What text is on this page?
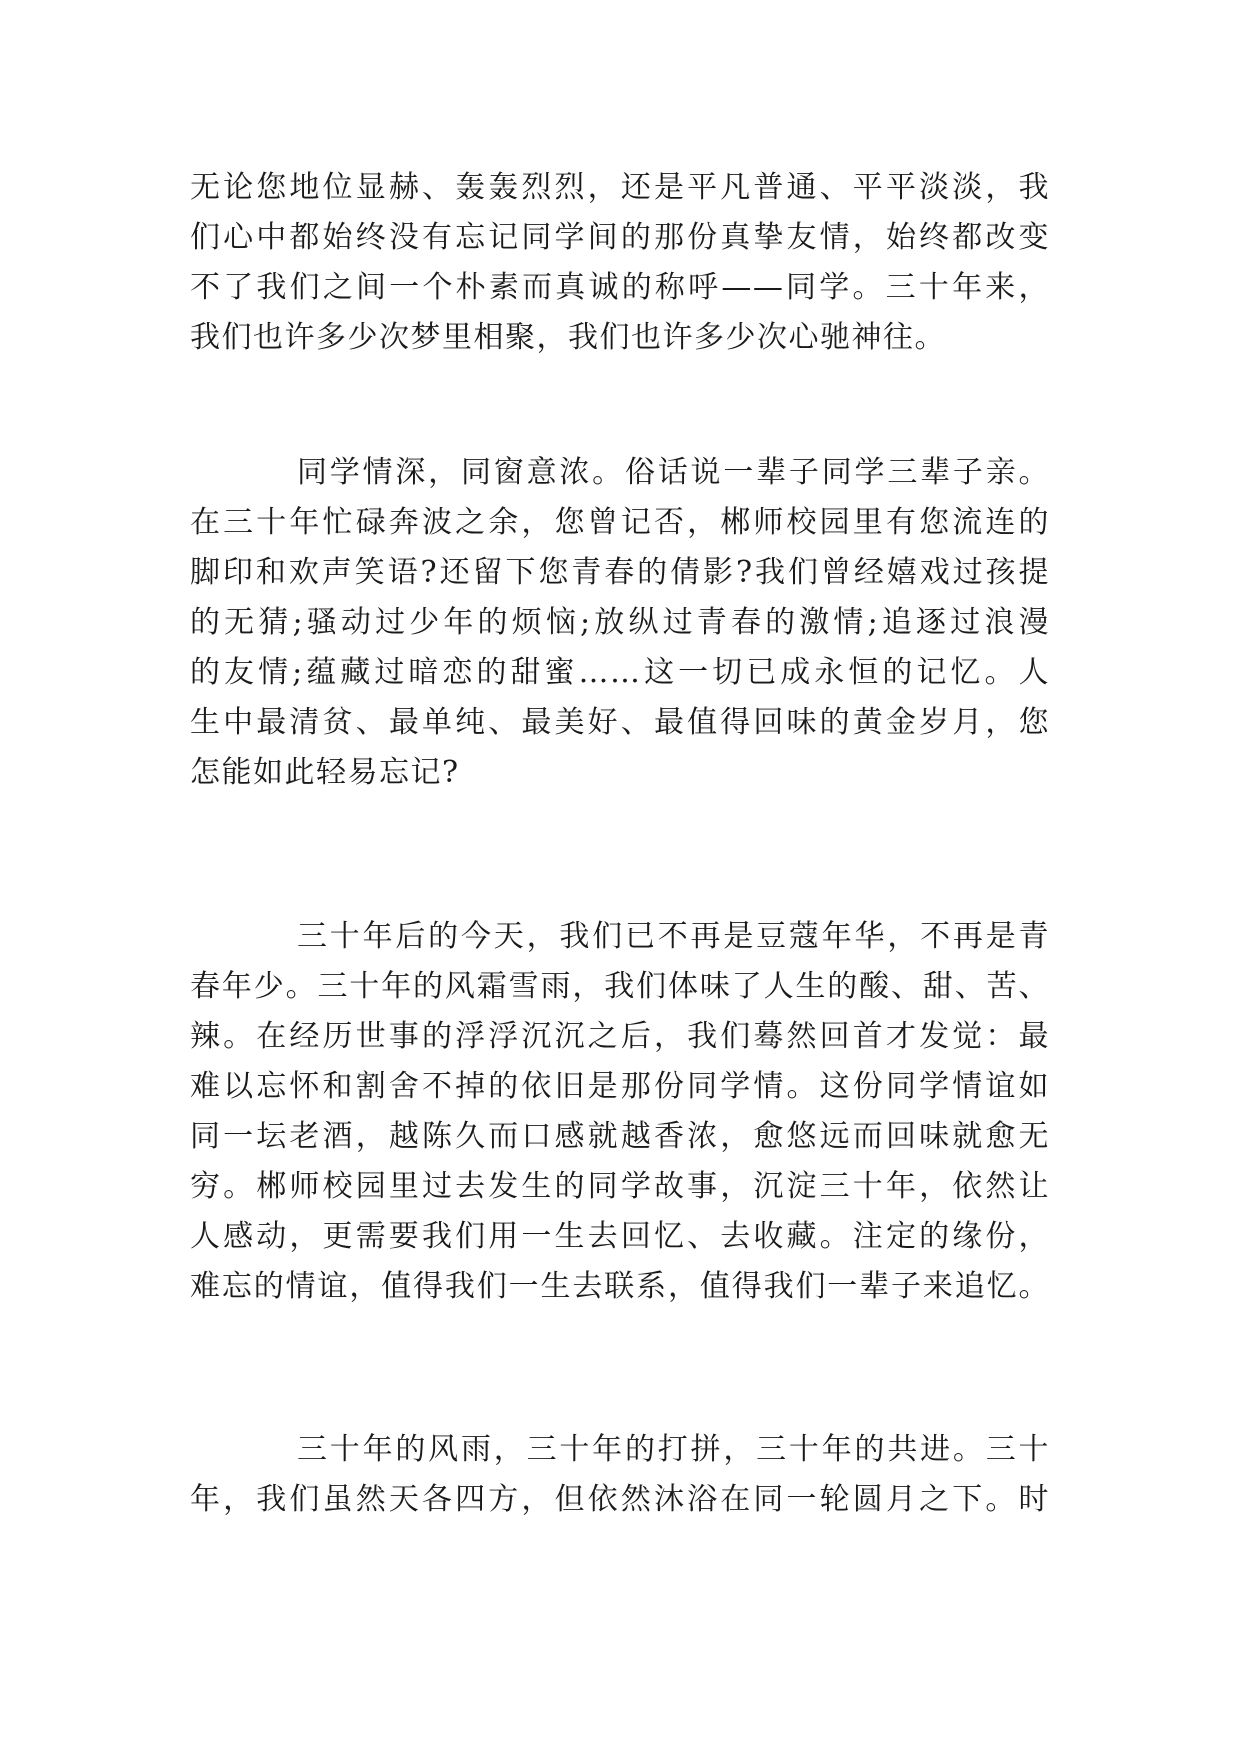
无论您地位显赫、轰轰烈烈，还是平凡普通、平平淡淡，我
们心中都始终没有忘记同学间的那份真挚友情，始终都改变
不了我们之间一个朴素而真诚的称呼——同学。三十年来，
我们也许多少次梦里相聚，我们也许多少次心驰神往。
同学情深，同窗意浓。俗话说一辈子同学三辈子亲。
在三十年忙碌奔波之余，您曾记否，郴师校园里有您流连的
脚印和欢声笑语?还留下您青春的倩影?我们曾经嬉戏过孩提
的无猜;骚动过少年的烦恼;放纵过青春的激情;追逐过浪漫
的友情;蕴藏过暗恋的甜蜜……这一切已成永恒的记忆。人
生中最清贫、最单纯、最美好、最值得回味的黄金岁月，您
怎能如此轻易忘记?
三十年后的今天，我们已不再是豆蔻年华，不再是青
春年少。三十年的风霜雪雨，我们体味了人生的酸、甜、苦、
辣。在经历世事的浮浮沉沉之后，我们蓦然回首才发觉：最
难以忘怀和割舍不掉的依旧是那份同学情。这份同学情谊如
同一坛老酒，越陈久而口感就越香浓，愈悠远而回味就愈无
穷。郴师校园里过去发生的同学故事，沉淀三十年，依然让
人感动，更需要我们用一生去回忆、去收藏。注定的缘份，
难忘的情谊，值得我们一生去联系，值得我们一辈子来追忆。
三十年的风雨，三十年的打拼，三十年的共进。三十
年，我们虽然天各四方，但依然沐浴在同一轮圆月之下。时
